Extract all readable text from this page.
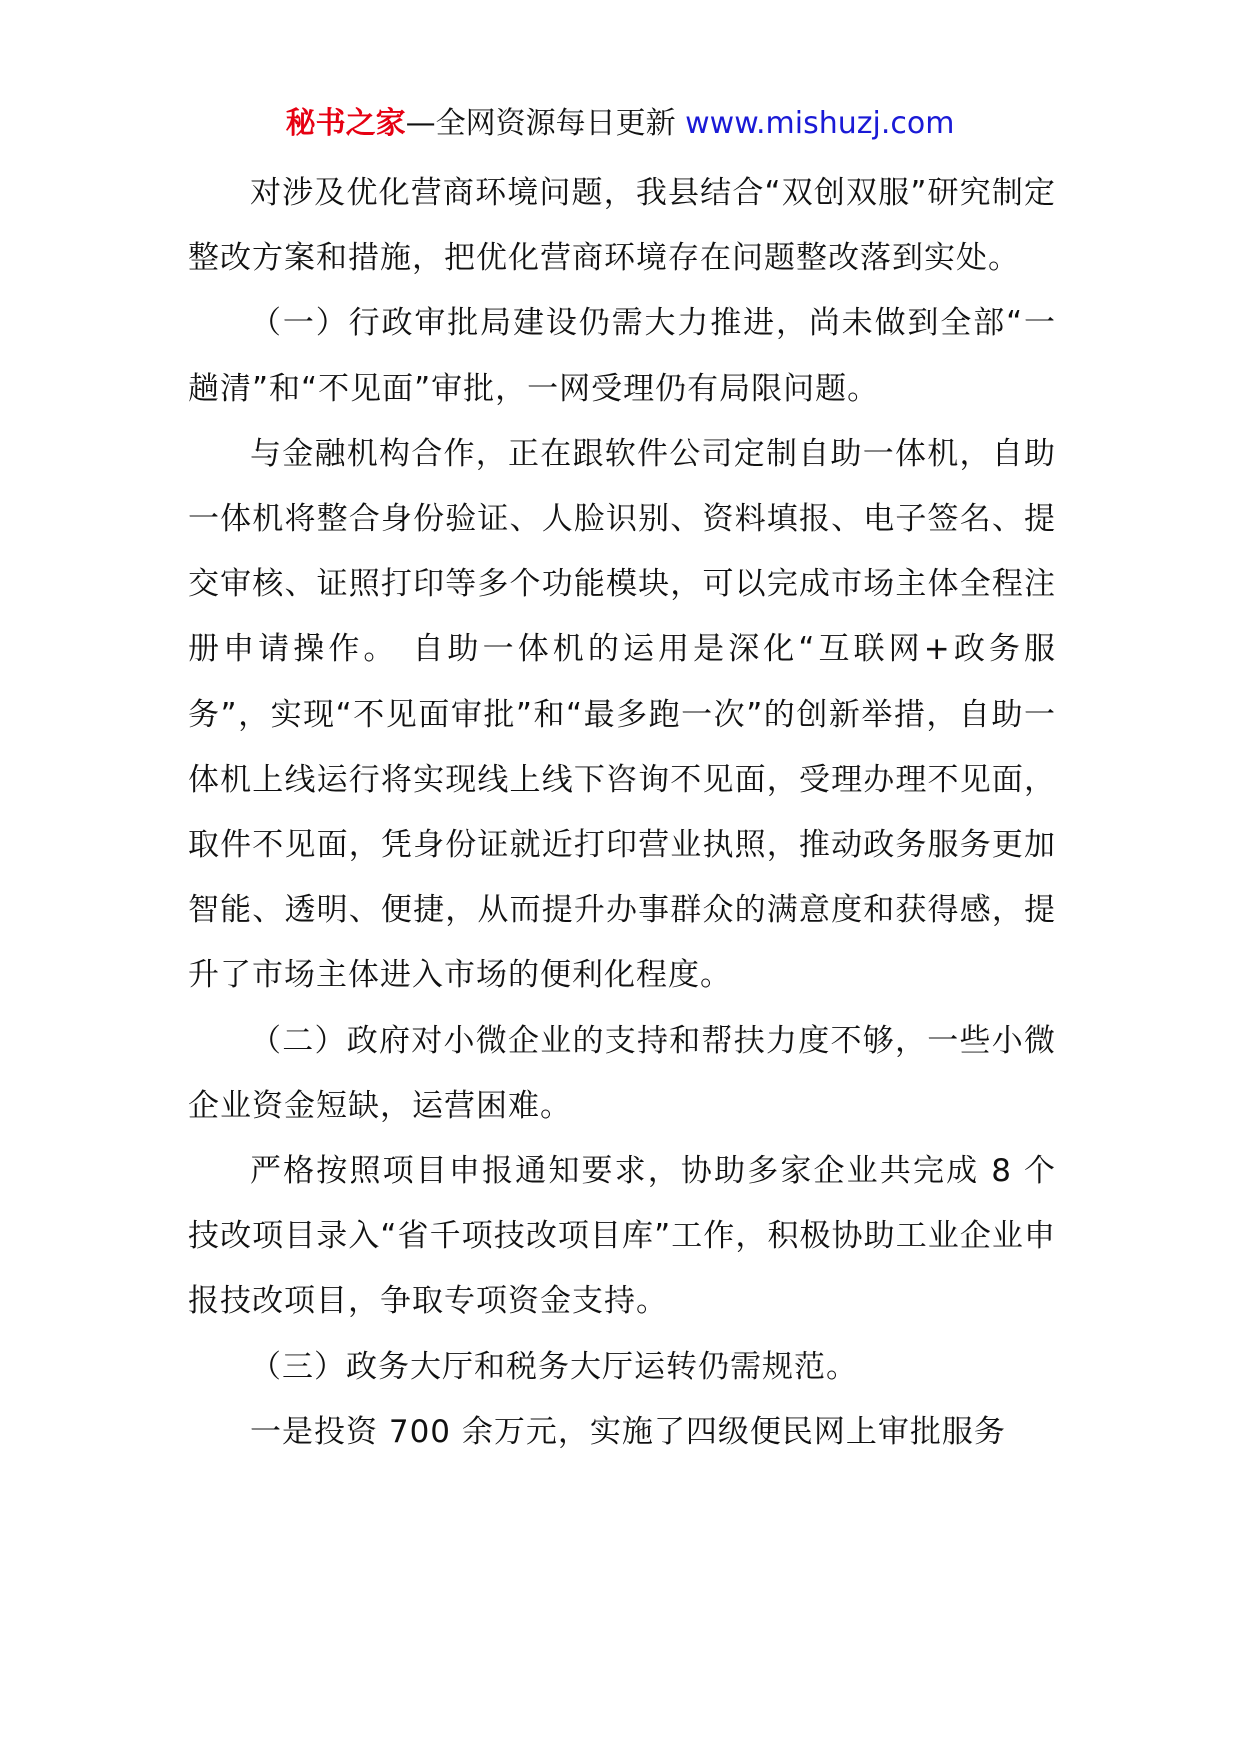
秘书之家—全网资源每日更新 www.mishuzj.com

对涉及优化营商环境问题，我县结合“双创双服”研究制定整改方案和措施，把优化营商环境存在问题整改落到实处。

（一）行政审批局建设仍需大力推进，尚未做到全部“一趟清”和“不见面”审批，一网受理仍有局限问题。

与金融机构合作，正在跟软件公司定制自助一体机，自助一体机将整合身份验证、人脸识别、资料填报、电子签名、提交审核、证照打印等多个功能模块，可以完成市场主体全程注册申请操作。 自助一体机的运用是深化“互联网+政务服务”，实现“不见面审批”和“最多跑一次”的创新举措，自助一体机上线运行将实现线上线下咨询不见面，受理办理不见面，取件不见面，凭身份证就近打印营业执照，推动政务服务更加智能、透明、便捷，从而提升办事群众的满意度和获得感，提升了市场主体进入市场的便利化程度。

（二）政府对小微企业的支持和帮扶力度不够，一些小微企业资金短缺，运营困难。

严格按照项目申报通知要求，协助多家企业共完成 8 个技改项目录入“省千项技改项目库”工作，积极协助工业企业申报技改项目，争取专项资金支持。

（三）政务大厅和税务大厅运转仍需规范。

一是投资 700 余万元，实施了四级便民网上审批服务
